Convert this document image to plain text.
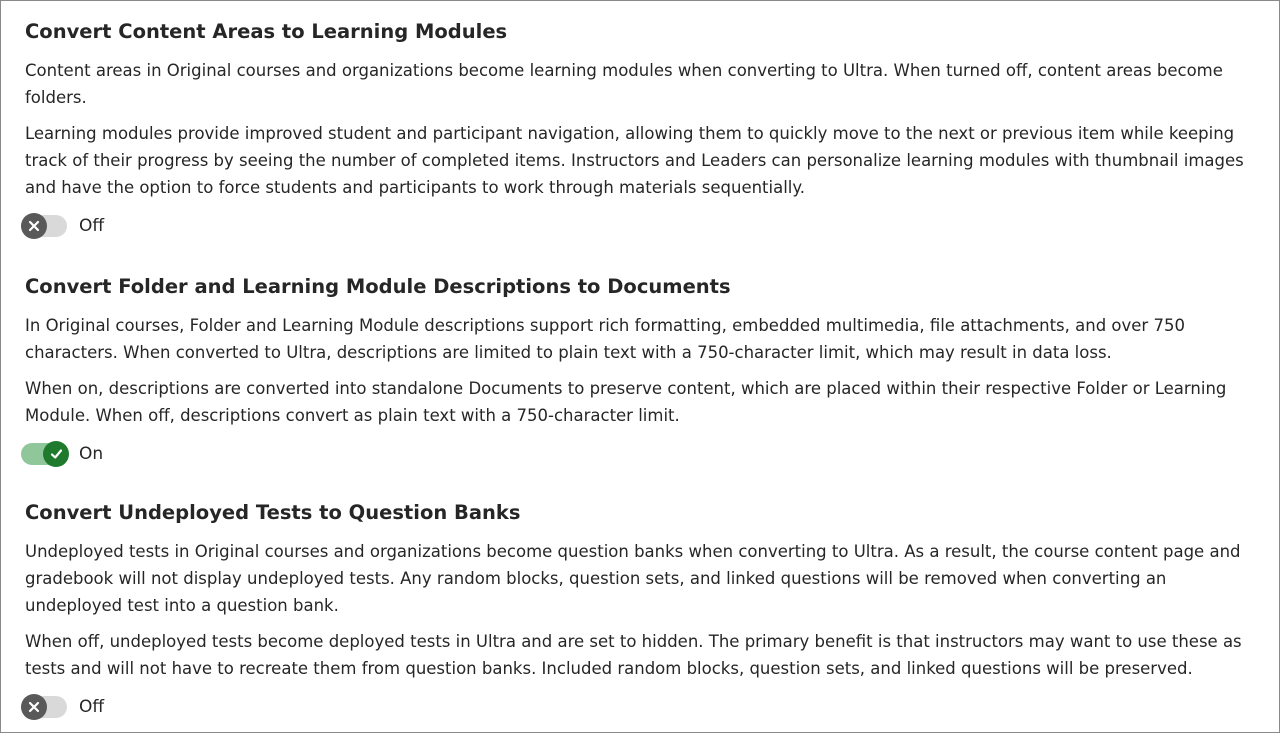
Convert Content Areas to Learning Modules

Content areas in Original courses and organizations become learning modules when converting to Ultra. When turned off, content areas become folders.

Learning modules provide improved student and participant navigation, allowing them to quickly move to the next or previous item while keeping track of their progress by seeing the number of completed items. Instructors and Leaders can personalize learning modules with thumbnail images and have the option to force students and participants to work through materials sequentially.

Off
Convert Folder and Learning Module Descriptions to Documents

In Original courses, Folder and Learning Module descriptions support rich formatting, embedded multimedia, file attachments, and over 750 characters. When converted to Ultra, descriptions are limited to plain text with a 750-character limit, which may result in data loss.

When on, descriptions are converted into standalone Documents to preserve content, which are placed within their respective Folder or Learning Module. When off, descriptions convert as plain text with a 750-character limit.

On
Convert Undeployed Tests to Question Banks

Undeployed tests in Original courses and organizations become question banks when converting to Ultra. As a result, the course content page and gradebook will not display undeployed tests. Any random blocks, question sets, and linked questions will be removed when converting an undeployed test into a question bank.

When off, undeployed tests become deployed tests in Ultra and are set to hidden. The primary benefit is that instructors may want to use these as tests and will not have to recreate them from question banks. Included random blocks, question sets, and linked questions will be preserved.

Off
